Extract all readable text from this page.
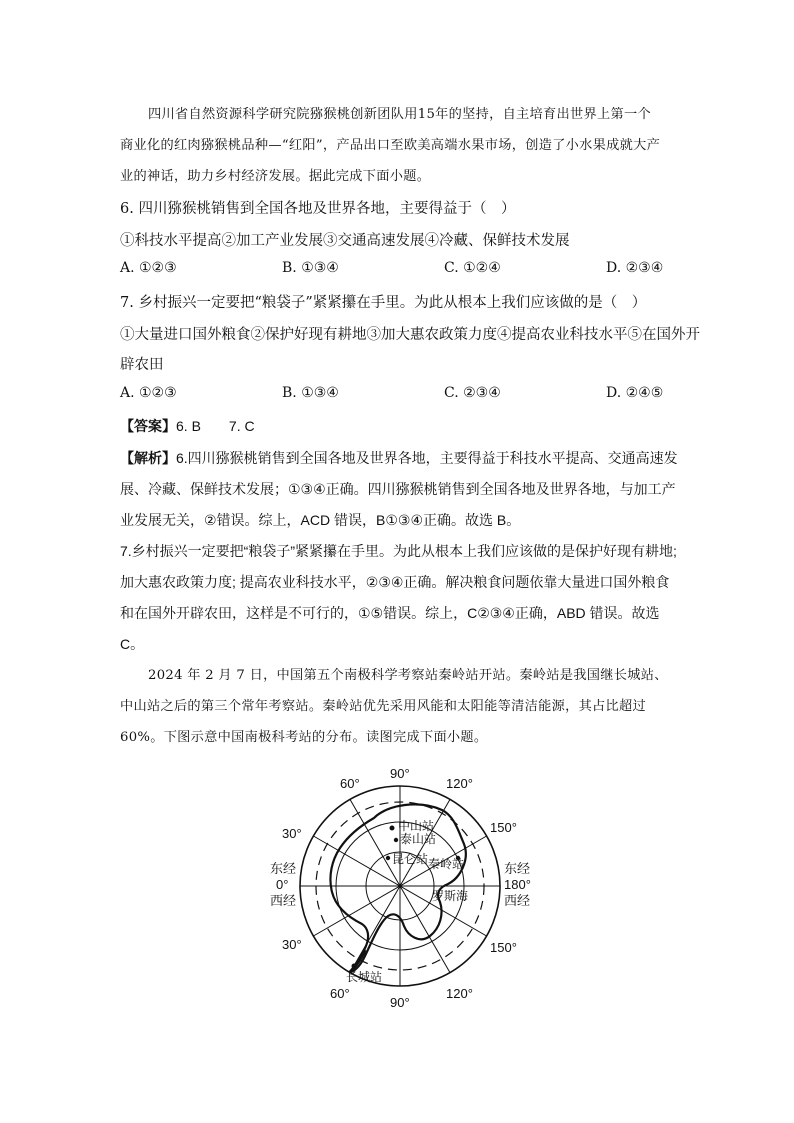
四川省自然资源科学研究院猕猴桃创新团队用15年的坚持，自主培育出世界上第一个
商业化的红肉猕猴桃品种—“红阳”，产品出口至欧美高端水果市场，创造了小水果成就大产
业的神话，助力乡村经济发展。据此完成下面小题。
6. 四川猕猴桃销售到全国各地及世界各地，主要得益于（　）
①科技水平提高②加工产业发展③交通高速发展④冷藏、保鲜技术发展
A. ①②③	B. ①③④	C. ①②④	D. ②③④
7. 乡村振兴一定要把“粮袋子”紧紧攥在手里。为此从根本上我们应该做的是（　）
①大量进口国外粮食②保护好现有耕地③加大惠农政策力度④提高农业科技水平⑤在国外开
辟农田
A. ①②③	B. ①③④	C. ②③④	D. ②④⑤
【答案】6. B　　7. C
【解析】6.四川猕猴桃销售到全国各地及世界各地，主要得益于科技水平提高、交通高速发
展、冷藏、保鲜技术发展；①③④正确。四川猕猴桃销售到全国各地及世界各地，与加工产
业发展无关，②错误。综上，ACD 错误，B①③④正确。故选 B。
7.乡村振兴一定要把“粮袋子”紧紧攥在手里。为此从根本上我们应该做的是保护好现有耕地;
加大惠农政策力度; 提高农业科技水平，②③④正确。解决粮食问题依靠大量进口国外粮食
和在国外开辟农田，这样是不可行的，①⑤错误。综上，C②③④正确，ABD 错误。故选
C。
2024 年 2 月 7 日，中国第五个南极科学考察站秦岭站开站。秦岭站是我国继长城站、
中山站之后的第三个常年考察站。秦岭站优先采用风能和太阳能等清洁能源，其占比超过
60%。下图示意中国南极科考站的分布。读图完成下面小题。
中山站
泰山站
昆仑站 秦岭站
长城站
罗斯海
60°
90°
120°
60°
90°
120°
30°
东经
0°
西经
30°
150°
东经
180°
西经
150°
